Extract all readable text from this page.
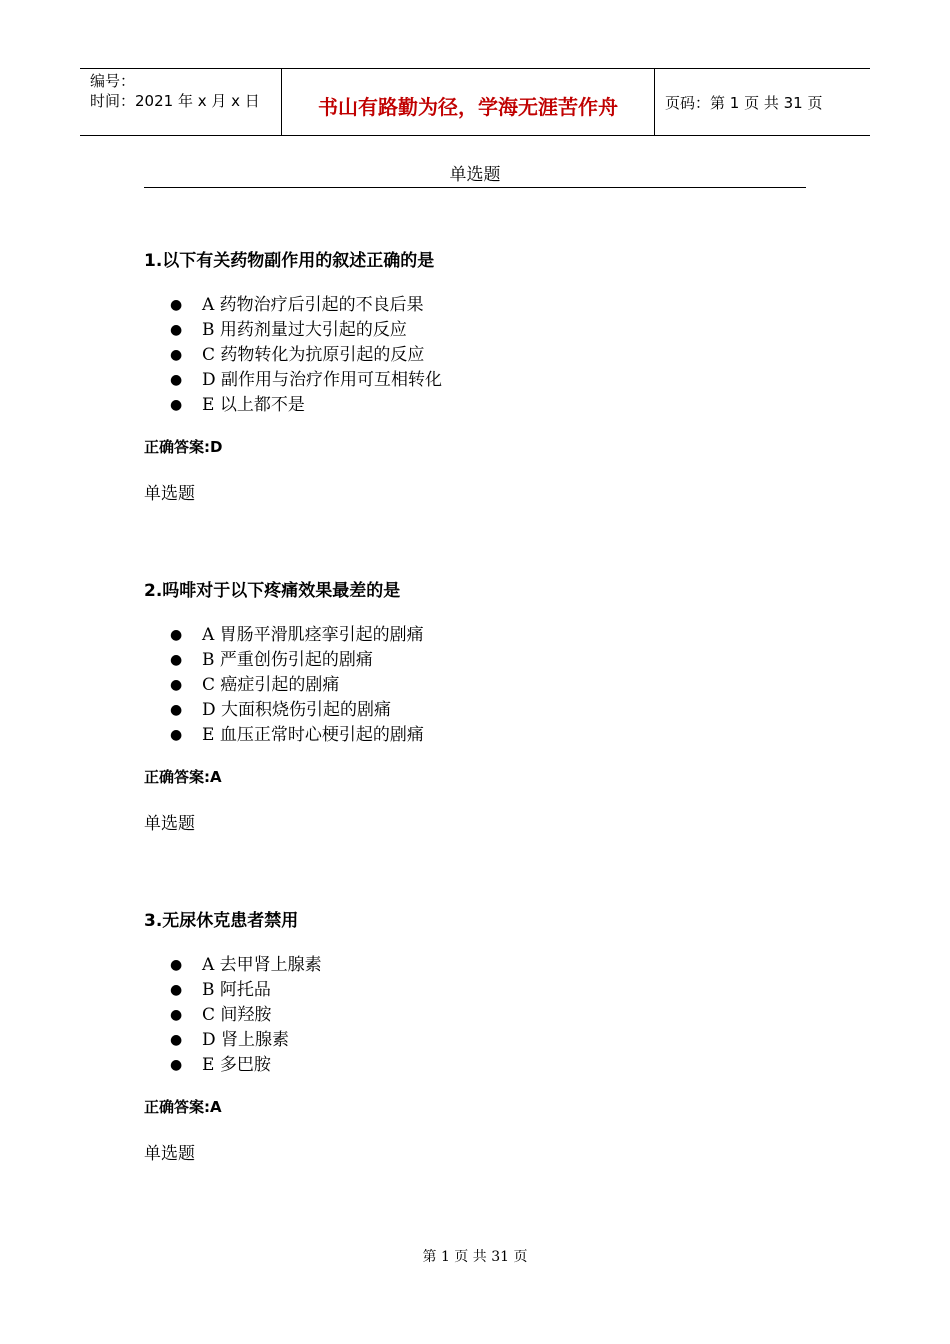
编号：
时间：2021 年 x 月 x 日	书山有路勤为径，学海无涯苦作舟	页码：第 1 页 共 31 页
单选题
1.以下有关药物副作用的叙述正确的是
●	A 药物治疗后引起的不良后果
●	B 用药剂量过大引起的反应
●	C 药物转化为抗原引起的反应
●	D 副作用与治疗作用可互相转化
●	E 以上都不是
正确答案:D
单选题
2.吗啡对于以下疼痛效果最差的是
●	A 胃肠平滑肌痉挛引起的剧痛
●	B 严重创伤引起的剧痛
●	C 癌症引起的剧痛
●	D 大面积烧伤引起的剧痛
●	E 血压正常时心梗引起的剧痛
正确答案:A
单选题
3.无尿休克患者禁用
●	A 去甲肾上腺素
●	B 阿托品
●	C 间羟胺
●	D 肾上腺素
●	E 多巴胺
正确答案:A
单选题
第 1 页 共 31 页
